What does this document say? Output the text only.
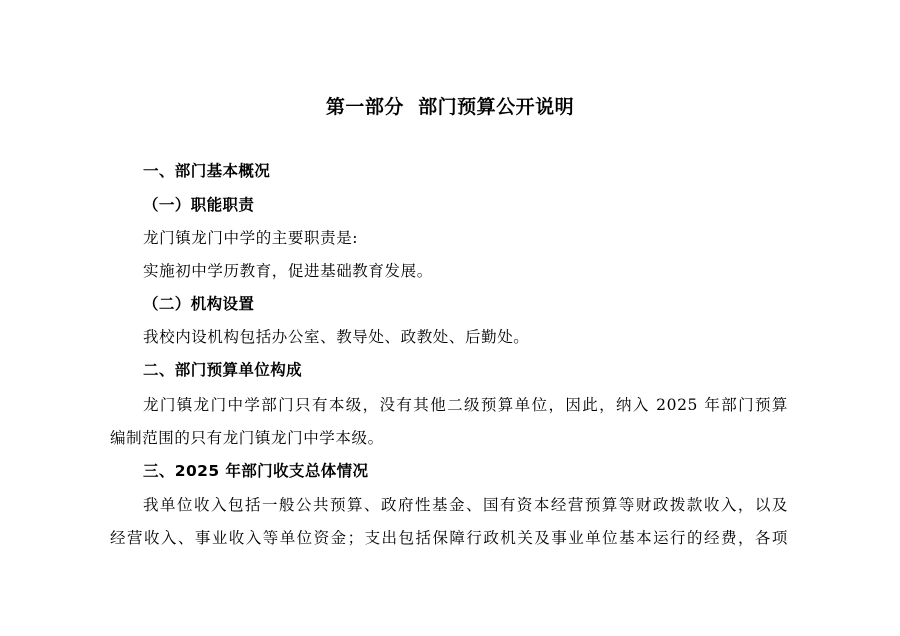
第一部分  部门预算公开说明
一、部门基本概况
（一）职能职责
龙门镇龙门中学的主要职责是:
实施初中学历教育，促进基础教育发展。
（二）机构设置
我校内设机构包括办公室、教导处、政教处、后勤处。
二、部门预算单位构成
龙门镇龙门中学部门只有本级，没有其他二级预算单位，因此，纳入 2025 年部门预算
编制范围的只有龙门镇龙门中学本级。
三、2025 年部门收支总体情况
我单位收入包括一般公共预算、政府性基金、国有资本经营预算等财政拨款收入，以及
经营收入、事业收入等单位资金；支出包括保障行政机关及事业单位基本运行的经费，各项
